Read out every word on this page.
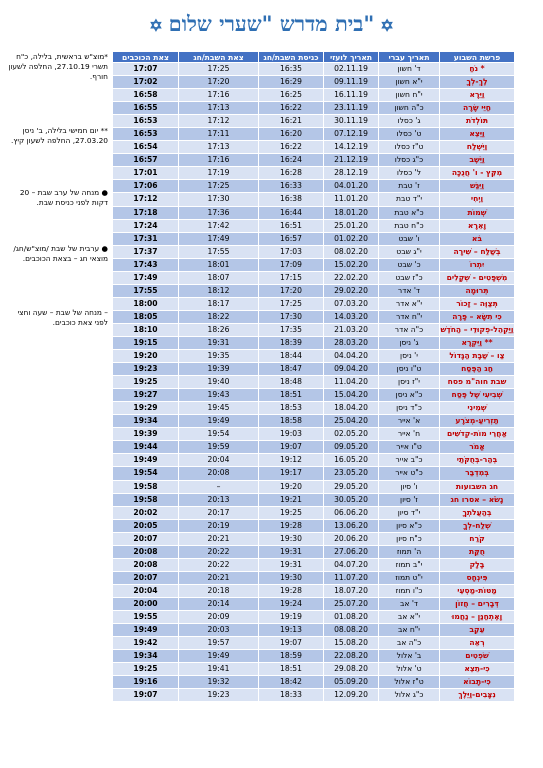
✡ בית מדרש "שערי שלום" ✡
*מוצ"ש בראשית, בלילה, כ"ח תשרי 27.10.19, החלפה לשעון חורף.
** יום חמישי בלילה, ב' ניסן 27.03.20, החלפה לשעון קיץ.
● מנחה של ערב שבת – 20 דקות לפני כניסת שבת.
● ערבית של שבת /מוצ"ש/חג/ מוצאי חג – בצאת הכוכבים.
– מנחה של שבת – שעה וחצי לפני צאת כוכבים.
פרשת השבוע	תאריך עברי	תאריך לועזי	כניסת השבת/חג	צאת השבת/חג	צאת הכוכבים
* נֹחַ	ד' חשון	02.11.19	16:35	17:25	17:07
לֶךְ-לְךָ	י"א חשון	09.11.19	16:29	17:20	17:02
וַיֵּרָא	י"ח חשון	16.11.19	16:25	17:16	16:58
חַיֵּי שָׂרָה	כ"ה חשון	23.11.19	16:22	17:13	16:55
תּוֹלְדֹת	ג' כסלו	30.11.19	16:21	17:12	16:53
וַיֵּצֵא	ט' כסלו	07.12.19	16:20	17:11	16:53
וַיִּשְׁלַח	ט"ז כסלו	14.12.19	16:22	17:13	16:54
וַיֵּשֶׁב	כ"ג כסלו	21.12.19	16:24	17:16	16:57
מִקֵּץ - ו' חֲנֻכָּה	ל' כסלו	28.12.19	16:28	17:19	17:01
וַיִּגַּשׁ	ז' טבת	04.01.20	16:33	17:25	17:06
וַיְחִי	י"ד טבת	11.01.20	16:38	17:30	17:12
שְׁמוֹת	כ"א טבת	18.01.20	16:44	17:36	17:18
וָאֵרָא	כ"ח טבת	25.01.20	16:51	17:42	17:24
בֹּא	ו' שבט	01.02.20	16:57	17:49	17:31
בְּשַׁלַּח – שִׁירָה	י"ג שבט	08.02.20	17:03	17:55	17:37
יִתְרוֹ	כ' שבט	15.02.20	17:09	18:01	17:43
מִשְׁפָּטִים - שְׁקָלִים	כ"ז שבט	22.02.20	17:15	18:07	17:49
תְּרוּמָה	ד' אדר	29.02.20	17:20	18:12	17:55
תְּצַוֶּה – זָכוֹר	י"א אדר	07.03.20	17:25	18:17	18:00
כִּי תִשָּׂא – פָּרָה	י"ח אדר	14.03.20	17:30	18:22	18:05
וַיַּקְהֵל-פְקוּדֵי – הַחֹדֶשׁ	כ"ה אדר	21.03.20	17:35	18:26	18:10
** וַיִּקְרָא	ג' ניסן	28.03.20	18:39	19:31	19:15
צַו – שַׁבָּת הַגָּדוֹל	י' ניסן	04.04.20	18:44	19:35	19:20
חַג הַפֶּסַח	ט"ו ניסן	09.04.20	18:47	19:39	19:23
שבת חוה"מ פסח	י"ז ניסן	11.04.20	18:48	19:40	19:25
שְׁבִיעִי שֶׁל פֶּסַח	כ"א ניסן	15.04.20	18:51	19:43	19:27
שְׁמִינִי	כ"ד ניסן	18.04.20	18:53	19:45	19:29
תַזְרִיעַ-מְצֹרָע	א' אייר	25.04.20	18:58	19:49	19:34
אַחֲרֵי מוֹת-קְדֹשִׁים	ח' אייר	02.05.20	19:03	19:54	19:39
אֱמֹר	ט"ו אייר	09.05.20	19:07	19:59	19:44
בְּהַר-בְּחֻקֹּתַי	כ"ב אייר	16.05.20	19:12	20:04	19:49
בְּמִדְבַּר	כ"ט אייר	23.05.20	19:17	20:08	19:54
חג השבועות	ו' סיון	29.05.20	19:20	–	19:58
נָשֹׂא – אסרו חג	ז' סיון	30.05.20	19:21	20:13	19:58
בְּהַעֲלֹתְךָ	י"ד סיון	06.06.20	19:25	20:17	20:02
שְׁלַח-לְךָ	כ"א סיון	13.06.20	19:28	20:19	20:05
קֹרַח	כ"ח סיון	20.06.20	19:30	20:21	20:07
חֻקַּת	ה' תמוז	27.06.20	19:31	20:22	20:08
בָּלָק	י"ב תמוז	04.07.20	19:31	20:22	20:08
פִּינְחָס	י"ט תמוז	11.07.20	19:30	20:21	20:07
מַטּוֹת-מַסְעֵי	כ"ו תמוז	18.07.20	19:28	20:18	20:04
דְּבָרִים – חֲזוֹן	ד' אב	25.07.20	19:24	20:14	20:00
וָאֶתְחַנַּן – נַחֲמוּ	י"א אב	01.08.20	19:19	20:09	19:55
עֵקֶב	י"ח אב	08.08.20	19:13	20:03	19:49
רְאֵה	כ"ה אב	15.08.20	19:07	19:57	19:42
שֹׁפְטִים	ב' אלול	22.08.20	18:59	19:49	19:34
כִּי-תֵצֵא	ט' אלול	29.08.20	18:51	19:41	19:25
כִּי-תָבוֹא	ט"ז אלול	05.09.20	18:42	19:32	19:16
נִצָּבִים-וַיֵּלֶךְ	כ"ג אלול	12.09.20	18:33	19:23	19:07
